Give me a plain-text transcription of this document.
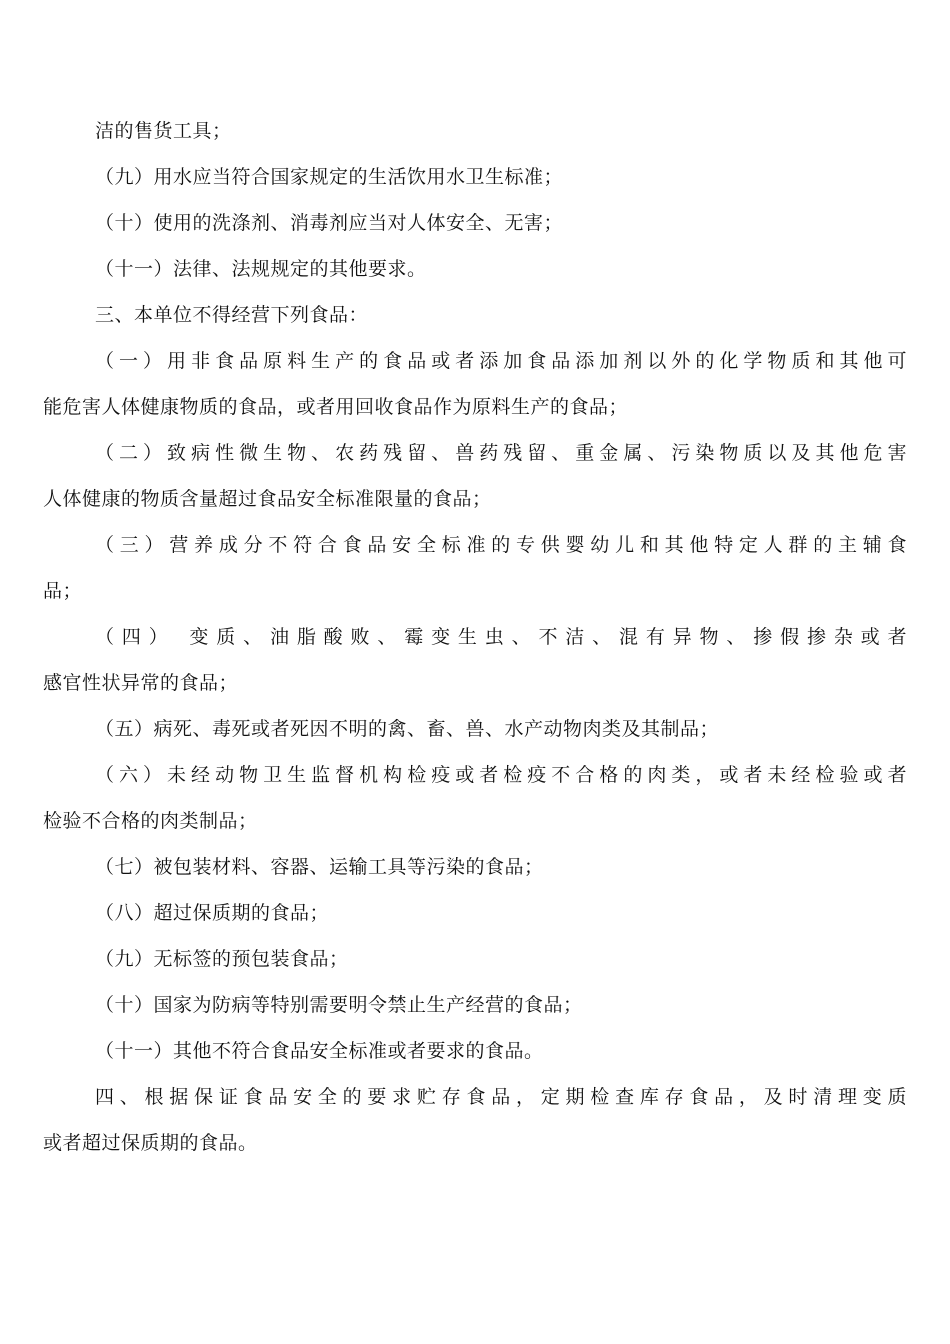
洁的售货工具；
（九）用水应当符合国家规定的生活饮用水卫生标准；
（十）使用的洗涤剂、消毒剂应当对人体安全、无害；
（十一）法律、法规规定的其他要求。
三、本单位不得经营下列食品：
（一）用非食品原料生产的食品或者添加食品添加剂以外的化学物质和其他可
能危害人体健康物质的食品，或者用回收食品作为原料生产的食品；
（二）致病性微生物、农药残留、兽药残留、重金属、污染物质以及其他危害
人体健康的物质含量超过食品安全标准限量的食品；
（三）营养成分不符合食品安全标准的专供婴幼儿和其他特定人群的主辅食
品；
（四） 变质、油脂酸败、霉变生虫、不洁、混有异物、掺假掺杂或者
感官性状异常的食品；
（五）病死、毒死或者死因不明的禽、畜、兽、水产动物肉类及其制品；
（六）未经动物卫生监督机构检疫或者检疫不合格的肉类，或者未经检验或者
检验不合格的肉类制品；
（七）被包装材料、容器、运输工具等污染的食品；
（八）超过保质期的食品；
（九）无标签的预包装食品；
（十）国家为防病等特别需要明令禁止生产经营的食品；
（十一）其他不符合食品安全标准或者要求的食品。
四、根据保证食品安全的要求贮存食品，定期检查库存食品，及时清理变质
或者超过保质期的食品。
